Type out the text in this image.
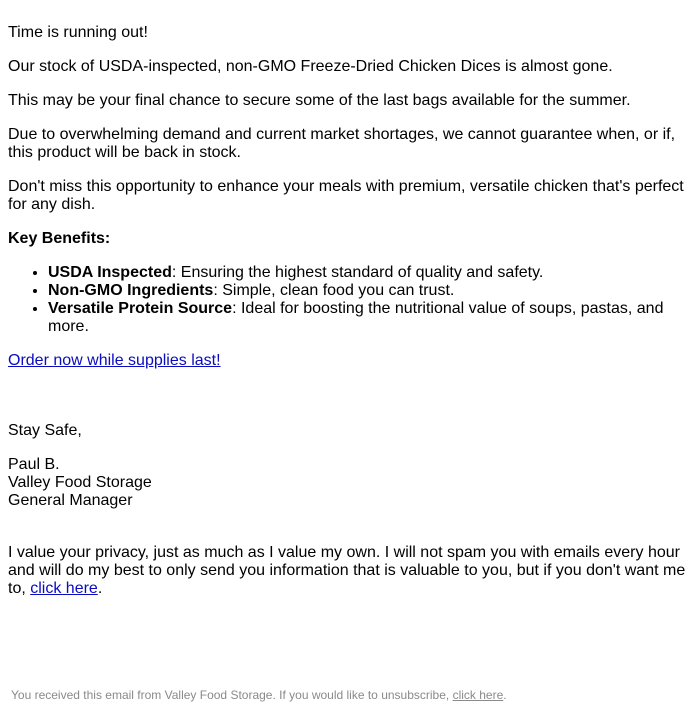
Time is running out!

Our stock of USDA-inspected, non-GMO Freeze-Dried Chicken Dices is almost gone.

This may be your final chance to secure some of the last bags available for the summer.

Due to overwhelming demand and current market shortages, we cannot guarantee when, or if, this product will be back in stock.

Don't miss this opportunity to enhance your meals with premium, versatile chicken that's perfect for any dish.

Key Benefits:
• USDA Inspected: Ensuring the highest standard of quality and safety.
• Non-GMO Ingredients: Simple, clean food you can trust.
• Versatile Protein Source: Ideal for boosting the nutritional value of soups, pastas, and more.

Order now while supplies last!

Stay Safe,

Paul B.
Valley Food Storage
General Manager

I value your privacy, just as much as I value my own. I will not spam you with emails every hour and will do my best to only send you information that is valuable to you, but if you don't want me to, click here.

You received this email from Valley Food Storage. If you would like to unsubscribe, click here.
